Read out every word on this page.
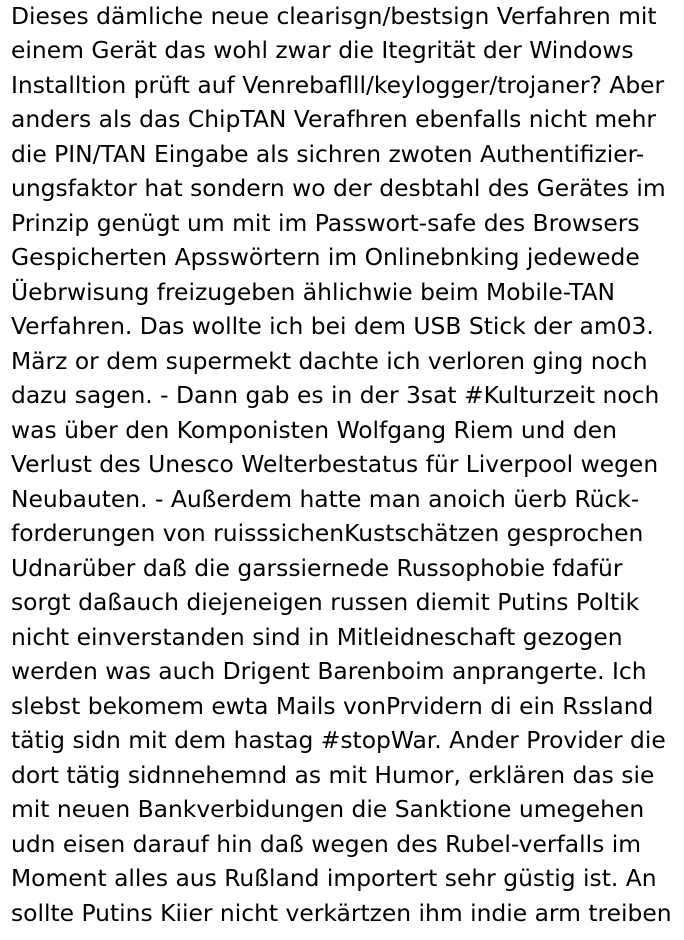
Dieses dämliche neue clearisgn/bestsign Verfahren mit
einem Gerät das wohl zwar die Itegrität der Windows
Installtion prüft auf Venrebaflll/keylogger/trojaner? Aber
anders als das ChipTAN Verafhren ebenfalls nicht mehr
die PIN/TAN Eingabe als sichren zwoten Authentifizier-
ungsfaktor hat sondern wo der desbtahl des Gerätes im
Prinzip genügt um mit im Passwort-safe des Browsers
Gespicherten Apsswörtern im Onlinebnking jedewede
Üebrwisung freizugeben ählichwie beim Mobile-TAN
Verfahren. Das wollte ich bei dem USB Stick der am03.
März or dem supermekt dachte ich verloren ging noch
dazu sagen. - Dann gab es in der 3sat #Kulturzeit noch
was über den Komponisten Wolfgang Riem und den
Verlust des Unesco Welterbestatus für Liverpool wegen
Neubauten. - Außerdem hatte man anoich üerb Rück-
forderungen von ruisssichenKustschätzen gesprochen
Udnarüber daß die garssiernede Russophobie fdafür
sorgt daßauch diejeneigen russen diemit Putins Poltik
nicht einverstanden sind in Mitleidneschaft gezogen
werden was auch Drigent Barenboim anprangerte. Ich
slebst bekomem ewta Mails vonPrvidern di ein Rssland
tätig sidn mit dem hastag #stopWar. Ander Provider die
dort tätig sidnnehemnd as mit Humor, erklären das sie
mit neuen Bankverbidungen die Sanktione umegehen
udn eisen darauf hin daß wegen des Rubel-verfalls im
Moment alles aus Rußland importert sehr güstig ist. An
sollte Putins Kiier nicht verkärtzen ihm indie arm treiben
